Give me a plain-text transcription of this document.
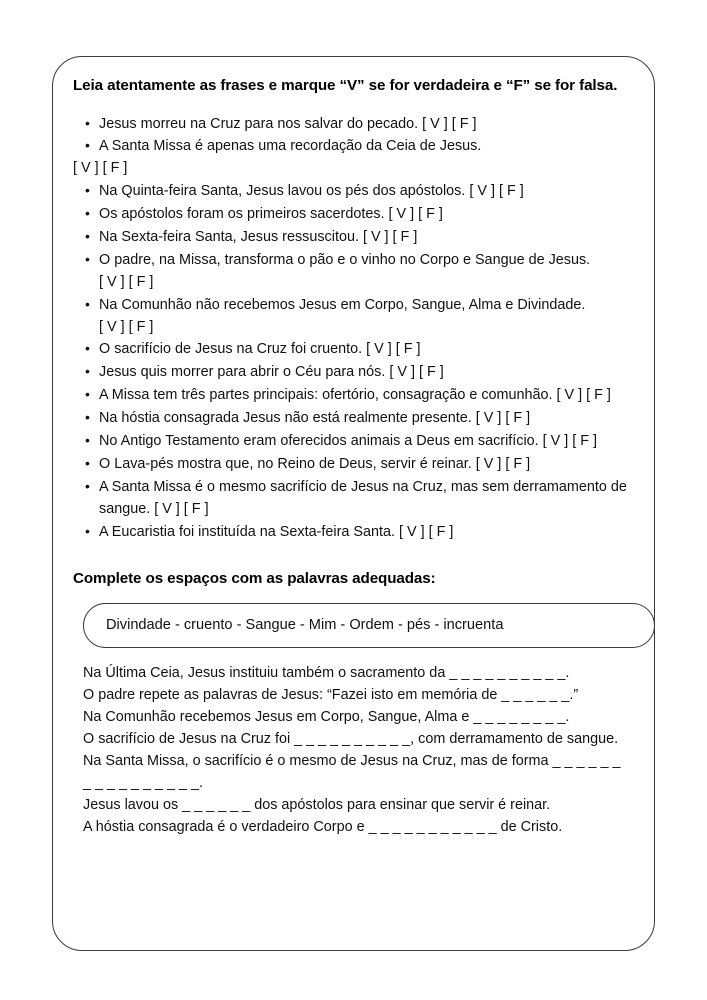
Leia atentamente as frases e marque “V” se for verdadeira e “F” se for falsa.
• Jesus morreu na Cruz para nos salvar do pecado. [ V ] [ F ]
• A Santa Missa é apenas uma recordação da Ceia de Jesus.
[ V ] [ F ]
• Na Quinta-feira Santa, Jesus lavou os pés dos apóstolos. [ V ] [ F ]
• Os apóstolos foram os primeiros sacerdotes. [ V ] [ F ]
• Na Sexta-feira Santa, Jesus ressuscitou. [ V ] [ F ]
• O padre, na Missa, transforma o pão e o vinho no Corpo e Sangue de Jesus. [ V ] [ F ]
• Na Comunhão não recebemos Jesus em Corpo, Sangue, Alma e Divindade. [ V ] [ F ]
• O sacrifício de Jesus na Cruz foi cruento. [ V ] [ F ]
• Jesus quis morrer para abrir o Céu para nós. [ V ] [ F ]
• A Missa tem três partes principais: ofertório, consagração e comunhão. [ V ] [ F ]
• Na hóstia consagrada Jesus não está realmente presente. [ V ] [ F ]
• No Antigo Testamento eram oferecidos animais a Deus em sacrifício. [ V ] [ F ]
• O Lava-pés mostra que, no Reino de Deus, servir é reinar. [ V ] [ F ]
• A Santa Missa é o mesmo sacrifício de Jesus na Cruz, mas sem derramamento de sangue. [ V ] [ F ]
• A Eucaristia foi instituída na Sexta-feira Santa. [ V ] [ F ]
Complete os espaços com as palavras adequadas:
Divindade - cruento - Sangue - Mim - Ordem - pés - incruenta

Na Última Ceia, Jesus instituiu também o sacramento da _ _ _ _ _ _ _ _ _ _.

O padre repete as palavras de Jesus: “Fazei isto em memória de _ _ _ _ _ _.”

Na Comunhão recebemos Jesus em Corpo, Sangue, Alma e _ _ _ _ _ _ _ _.

O sacrifício de Jesus na Cruz foi _ _ _ _ _ _ _ _ _ _, com derramamento de sangue.

Na Santa Missa, o sacrifício é o mesmo de Jesus na Cruz, mas de forma _ _ _ _ _ _ _ _ _ _ _ _ _ _ _ _.

Jesus lavou os _ _ _ _ _ _ dos apóstolos para ensinar que servir é reinar.

A hóstia consagrada é o verdadeiro Corpo e _ _ _ _ _ _ _ _ _ _ _ de Cristo.
